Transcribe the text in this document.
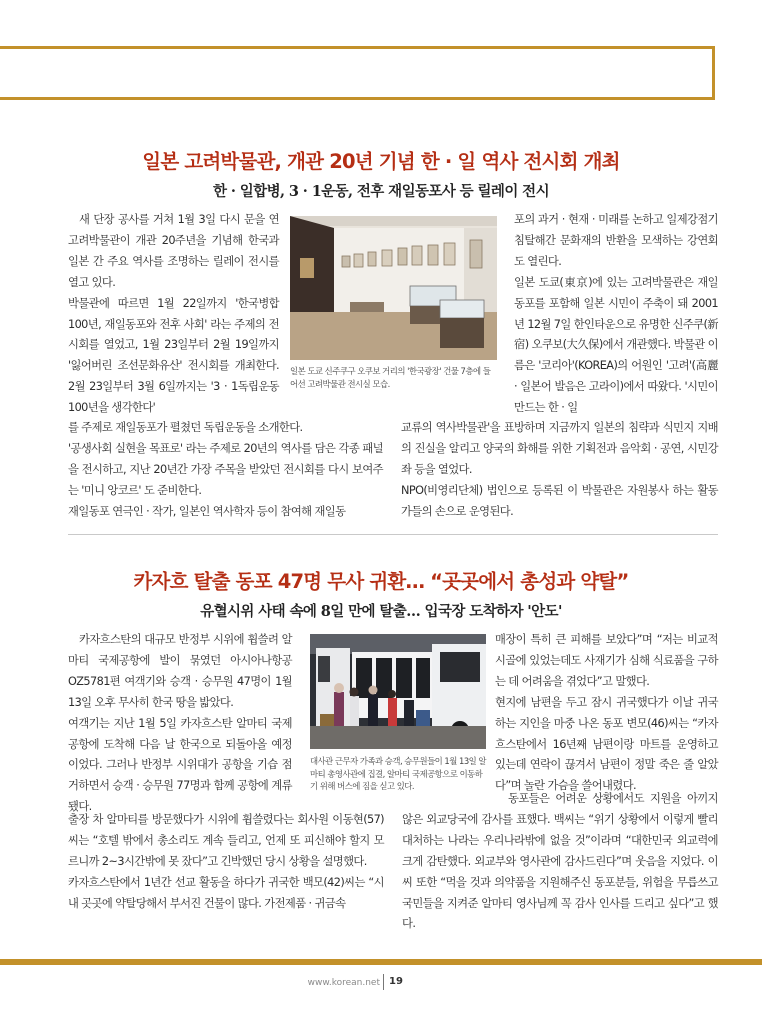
일본 고려박물관, 개관 20년 기념 한 · 일 역사 전시회 개최
한 · 일합병, 3 · 1운동, 전후 재일동포사 등 릴레이 전시

새 단장 공사를 거쳐 1월 3일 다시 문을 연 고려박물관이 개관 20주년을 기념해 한국과 일본 간 주요 역사를 조명하는 릴레이 전시를 열고 있다.
박물관에 따르면 1월 22일까지 '한국병합 100년, 재일동포와 전후 사회' 라는 주제의 전시회를 열었고, 1월 23일부터 2월 19일까지 '잃어버린 조선문화유산' 전시회를 개최한다. 2월 23일부터 3월 6일까지는 '3 · 1독립운동 100년을 생각한다'

일본 도쿄 신주쿠구 오쿠보 거리의 '한국광장' 건물 7층에 들어선 고려박물관 전시실 모습.

를 주제로 재일동포가 펼쳤던 독립운동을 소개한다.
'공생사회 실현을 목표로' 라는 주제로 20년의 역사를 담은 각종 패널을 전시하고, 지난 20년간 가장 주목을 받았던 전시회를 다시 보여주는 '미니 앙코르' 도 준비한다.
재일동포 연극인 · 작가, 일본인 역사학자 등이 참여해 재일동

포의 과거 · 현재 · 미래를 논하고 일제강점기 침탈해간 문화재의 반환을 모색하는 강연회도 열린다.
일본 도쿄(東京)에 있는 고려박물관은 재일동포를 포함해 일본 시민이 주축이 돼 2001년 12월 7일 한인타운으로 유명한 신주쿠(新宿) 오쿠보(大久保)에서 개관했다. 박물관 이름은 '코리아'(KOREA)의 어원인 '고려'(高麗 · 일본어 발음은 고라이)에서 따왔다. '시민이 만드는 한 · 일

교류의 역사박물관'을 표방하며 지금까지 일본의 침략과 식민지 지배의 진실을 알리고 양국의 화해를 위한 기획전과 음악회 · 공연, 시민강좌 등을 열었다.
NPO(비영리단체) 법인으로 등록된 이 박물관은 자원봉사 하는 활동가들의 손으로 운영된다.

카자흐 탈출 동포 47명 무사 귀환… “곳곳에서 총성과 약탈”
유혈시위 사태 속에 8일 만에 탈출… 입국장 도착하자 '안도'

카자흐스탄의 대규모 반정부 시위에 휩쓸려 알마티 국제공항에 발이 묶였던 아시아나항공 OZ5781편 여객기와 승객 · 승무원 47명이 1월 13일 오후 무사히 한국 땅을 밟았다.
여객기는 지난 1월 5일 카자흐스탄 알마티 국제공항에 도착해 다음 날 한국으로 되돌아올 예정이었다. 그러나 반정부 시위대가 공항을 기습 점거하면서 승객 · 승무원 77명과 함께 공항에 계류됐다.

대사관 근무자 가족과 승객, 승무원들이 1월 13일 알마티 총영사관에 집결, 알마티 국제공항으로 이동하기 위해 버스에 짐을 싣고 있다.

출장 차 알마티를 방문했다가 시위에 휩쓸렸다는 회사원 이동현(57) 씨는 “호텔 밖에서 총소리도 계속 들리고, 언제 또 피신해야 할지 모르니까 2~3시간밖에 못 잤다”고 긴박했던 당시 상황을 설명했다.
카자흐스탄에서 1년간 선교 활동을 하다가 귀국한 백모(42)씨는 “시내 곳곳에 약탈당해서 부서진 건물이 많다. 가전제품 · 귀금속

매장이 특히 큰 피해를 보았다”며 “저는 비교적 시골에 있었는데도 사재기가 심해 식료품을 구하는 데 어려움을 겪었다”고 말했다.
현지에 남편을 두고 잠시 귀국했다가 이날 귀국하는 지인을 마중 나온 동포 변모(46)씨는 “카자흐스탄에서 16년째 남편이랑 마트를 운영하고 있는데 연락이 끊겨서 남편이 정말 죽은 줄 알았다”며 놀란 가슴을 쓸어내렸다.

동포들은 어려운 상황에서도 지원을 아끼지 않은 외교당국에 감사를 표했다. 백씨는 “위기 상황에서 이렇게 빨리 대처하는 나라는 우리나라밖에 없을 것”이라며 “대한민국 외교력에 크게 감탄했다. 외교부와 영사관에 감사드린다”며 웃음을 지었다. 이 씨 또한 “먹을 것과 의약품을 지원해주신 동포분들, 위험을 무릅쓰고 국민들을 지켜준 알마티 영사님께 꼭 감사 인사를 드리고 싶다”고 했다.

www.korean.net 19
